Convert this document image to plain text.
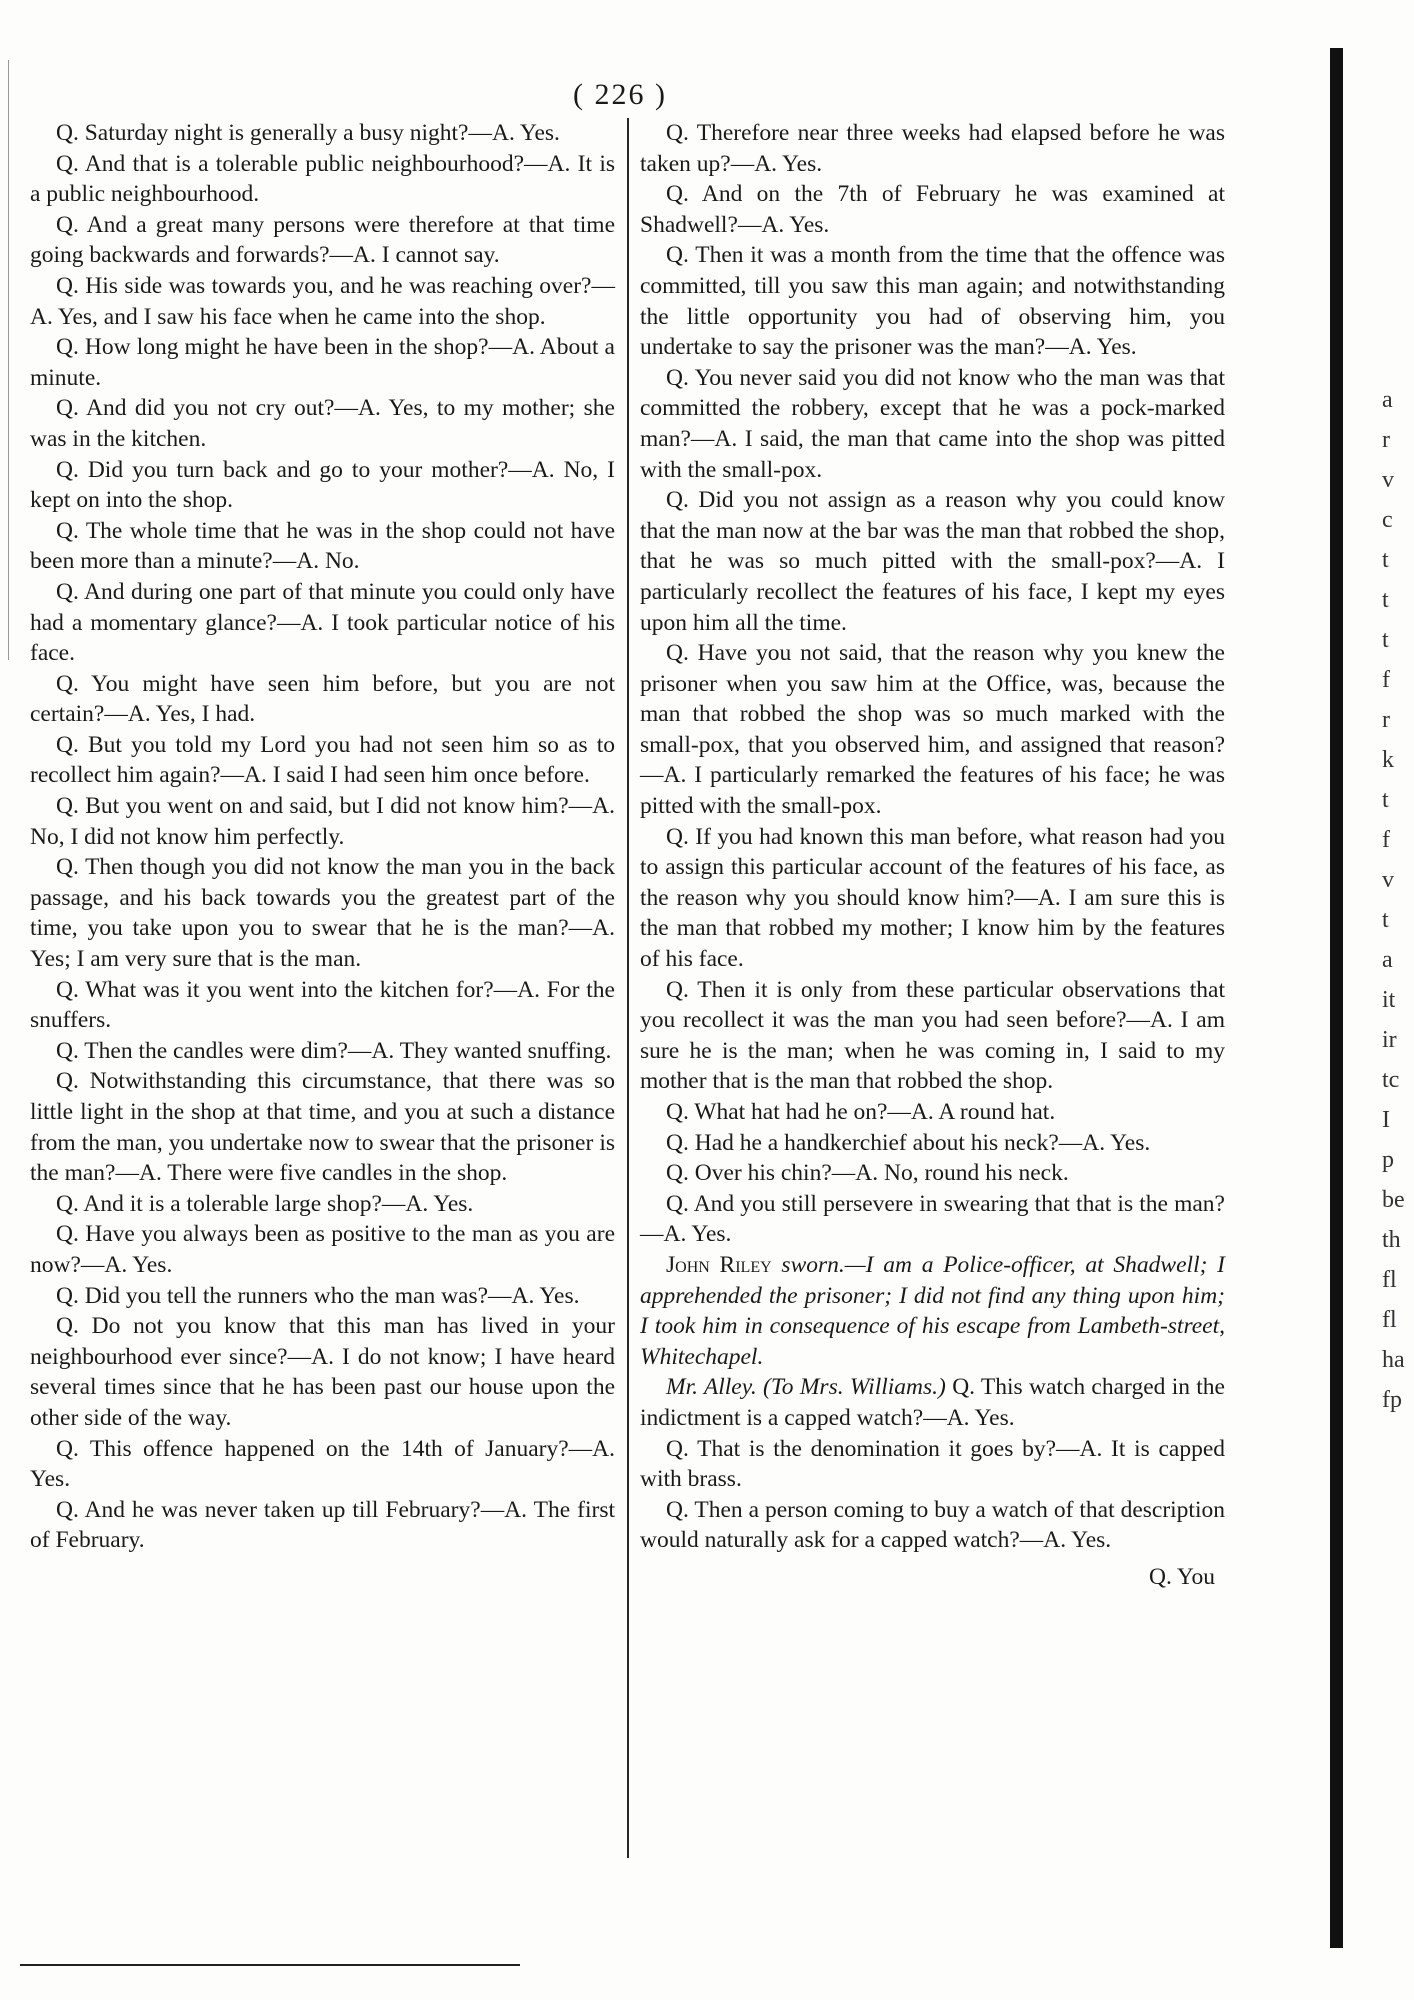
( 226 )

Q. Saturday night is generally a busy night?—A. Yes.

Q. And that is a tolerable public neighbourhood?—A. It is a public neighbourhood.

Q. And a great many persons were therefore at that time going backwards and forwards?—A. I cannot say.

Q. His side was towards you, and he was reaching over?—A. Yes, and I saw his face when he came into the shop.

Q. How long might he have been in the shop?—A. About a minute.

Q. And did you not cry out?—A. Yes, to my mother; she was in the kitchen.

Q. Did you turn back and go to your mother?—A. No, I kept on into the shop.

Q. The whole time that he was in the shop could not have been more than a minute?—A. No.

Q. And during one part of that minute you could only have had a momentary glance?—A. I took particular notice of his face.

Q. You might have seen him before, but you are not certain?—A. Yes, I had.

Q. But you told my Lord you had not seen him so as to recollect him again?—A. I said I had seen him once before.

Q. But you went on and said, but I did not know him?—A. No, I did not know him perfectly.

Q. Then though you did not know the man you in the back passage, and his back towards you the greatest part of the time, you take upon you to swear that he is the man?—A. Yes; I am very sure that is the man.

Q. What was it you went into the kitchen for?—A. For the snuffers.

Q. Then the candles were dim?—A. They wanted snuffing.

Q. Notwithstanding this circumstance, that there was so little light in the shop at that time, and you at such a distance from the man, you undertake now to swear that the prisoner is the man?—A. There were five candles in the shop.

Q. And it is a tolerable large shop?—A. Yes.

Q. Have you always been as positive to the man as you are now?—A. Yes.

Q. Did you tell the runners who the man was?—A. Yes.

Q. Do not you know that this man has lived in your neighbourhood ever since?—A. I do not know; I have heard several times since that he has been past our house upon the other side of the way.

Q. This offence happened on the 14th of January?—A. Yes.

Q. And he was never taken up till February?—A. The first of February.

Q. Therefore near three weeks had elapsed before he was taken up?—A. Yes.

Q. And on the 7th of February he was examined at Shadwell?—A. Yes.

Q. Then it was a month from the time that the offence was committed, till you saw this man again; and notwithstanding the little opportunity you had of observing him, you undertake to say the prisoner was the man?—A. Yes.

Q. You never said you did not know who the man was that committed the robbery, except that he was a pock-marked man?—A. I said, the man that came into the shop was pitted with the small-pox.

Q. Did you not assign as a reason why you could know that the man now at the bar was the man that robbed the shop, that he was so much pitted with the small-pox?—A. I particularly recollect the features of his face, I kept my eyes upon him all the time.

Q. Have you not said, that the reason why you knew the prisoner when you saw him at the Office, was, because the man that robbed the shop was so much marked with the small-pox, that you observed him, and assigned that reason?—A. I particularly remarked the features of his face; he was pitted with the small-pox.

Q. If you had known this man before, what reason had you to assign this particular account of the features of his face, as the reason why you should know him?—A. I am sure this is the man that robbed my mother; I know him by the features of his face.

Q. Then it is only from these particular observations that you recollect it was the man you had seen before?—A. I am sure he is the man; when he was coming in, I said to my mother that is the man that robbed the shop.

Q. What hat had he on?—A. A round hat.

Q. Had he a handkerchief about his neck?—A. Yes.

Q. Over his chin?—A. No, round his neck.

Q. And you still persevere in swearing that that is the man?—A. Yes.

John Riley sworn.—I am a Police-officer, at Shadwell; I apprehended the prisoner; I did not find any thing upon him; I took him in consequence of his escape from Lambeth-street, Whitechapel.

Mr. Alley. (To Mrs. Williams.) Q. This watch charged in the indictment is a capped watch?—A. Yes.

Q. That is the denomination it goes by?—A. It is capped with brass.

Q. Then a person coming to buy a watch of that description would naturally ask for a capped watch?—A. Yes.

Q. You
a
r
v
c
t
t
t
f
r
k
t
f
v
t
a
it
ir
tc
I
p
be
th
fl
fl
ha
fp
